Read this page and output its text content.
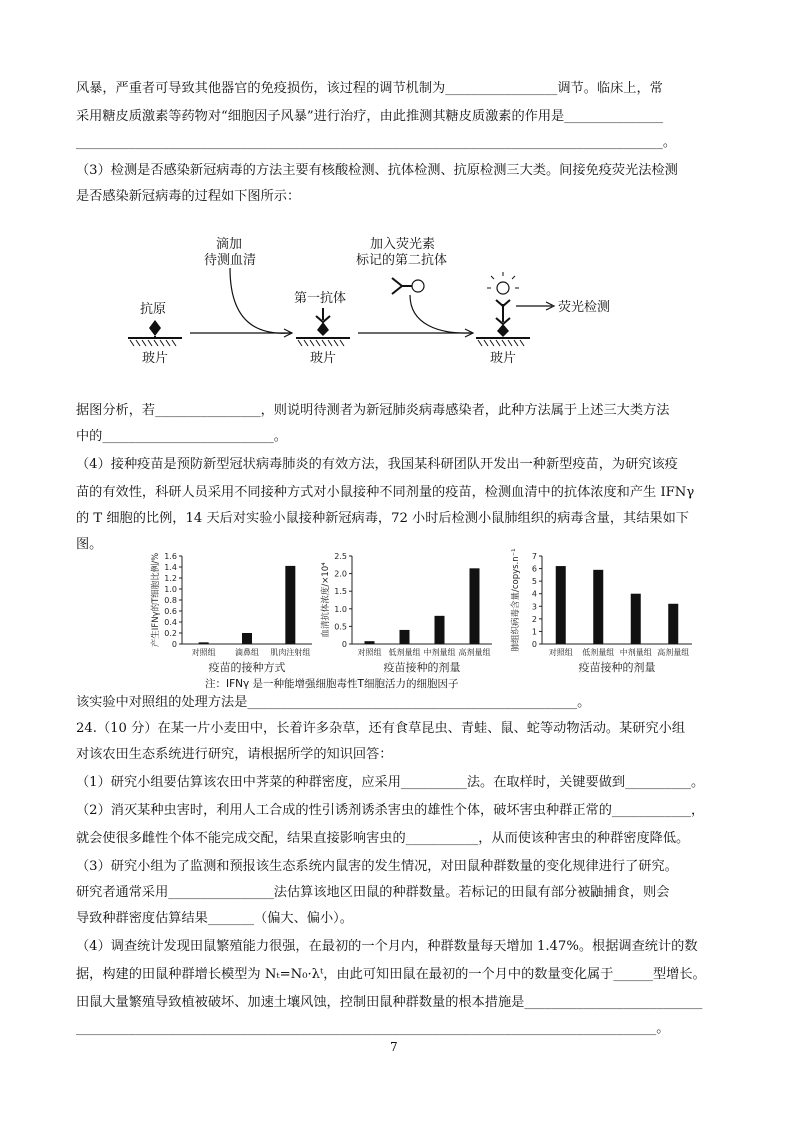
风暴，严重者可导致其他器官的免疫损伤，该过程的调节机制为_________________调节。临床上，常
采用糖皮质激素等药物对“细胞因子风暴”进行治疗，由此推测其糖皮质激素的作用是_______________
_________________________________________________________________________________________。
（3）检测是否感染新冠病毒的方法主要有核酸检测、抗体检测、抗原检测三大类。间接免疫荧光法检测
是否感染新冠病毒的过程如下图所示：
据图分析，若________________，则说明待测者为新冠肺炎病毒感染者，此种方法属于上述三大类方法
中的__________________________。
（4）接种疫苗是预防新型冠状病毒肺炎的有效方法，我国某科研团队开发出一种新型疫苗，为研究该疫
苗的有效性，科研人员采用不同接种方式对小鼠接种不同剂量的疫苗，检测血清中的抗体浓度和产生 IFNγ
的 T 细胞的比例，14 天后对实验小鼠接种新冠病毒，72 小时后检测小鼠肺组织的病毒含量，其结果如下
图。
该实验中对照组的处理方法是__________________________________________________。
24.（10 分）在某一片小麦田中，长着许多杂草，还有食草昆虫、青蛙、鼠、蛇等动物活动。某研究小组
对该农田生态系统进行研究，请根据所学的知识回答：
（1）研究小组要估算该农田中荠菜的种群密度，应采用__________法。在取样时，关键要做到__________。
（2）消灭某种虫害时，利用人工合成的性引诱剂诱杀害虫的雄性个体，破坏害虫种群正常的____________，
就会使很多雌性个体不能完成交配，结果直接影响害虫的___________，从而使该种害虫的种群密度降低。
（3）研究小组为了监测和预报该生态系统内鼠害的发生情况，对田鼠种群数量的变化规律进行了研究。
研究者通常采用________________法估算该地区田鼠的种群数量。若标记的田鼠有部分被鼬捕食，则会
导致种群密度估算结果_______（偏大、偏小）。
（4）调查统计发现田鼠繁殖能力很强，在最初的一个月内，种群数量每天增加 1.47%。根据调查统计的数
据，构建的田鼠种群增长模型为 Nₜ=N₀·λᵗ，由此可知田鼠在最初的一个月中的数量变化属于______型增长。
田鼠大量繁殖导致植被破坏、加速土壤风蚀，控制田鼠种群数量的根本措施是___________________________
________________________________________________________________________________________。
抗原
玻片
滴加
待测血清
第一抗体
玻片
加入荧光素
标记的第二抗体
玻片
荧光检测
0
0.2
0.4
0.6
0.8
1.0
1.2
1.4
1.6
产生IFNγ的T细胞比例/%
对照组 滴鼻组 肌肉注射组
疫苗的接种方式
0
0.5
1.0
1.5
2.0
2.5
血清抗体浓度/×10⁴
对照组 低剂量组 中剂量组 高剂量组
疫苗接种的剂量
0
1
2
3
4
5
6
7
肺组织病毒含量/copys.n⁻¹
对照组 低剂量组 中剂量组 高剂量组
疫苗接种的剂量
注：IFNγ 是一种能增强细胞毒性T细胞活力的细胞因子
7
